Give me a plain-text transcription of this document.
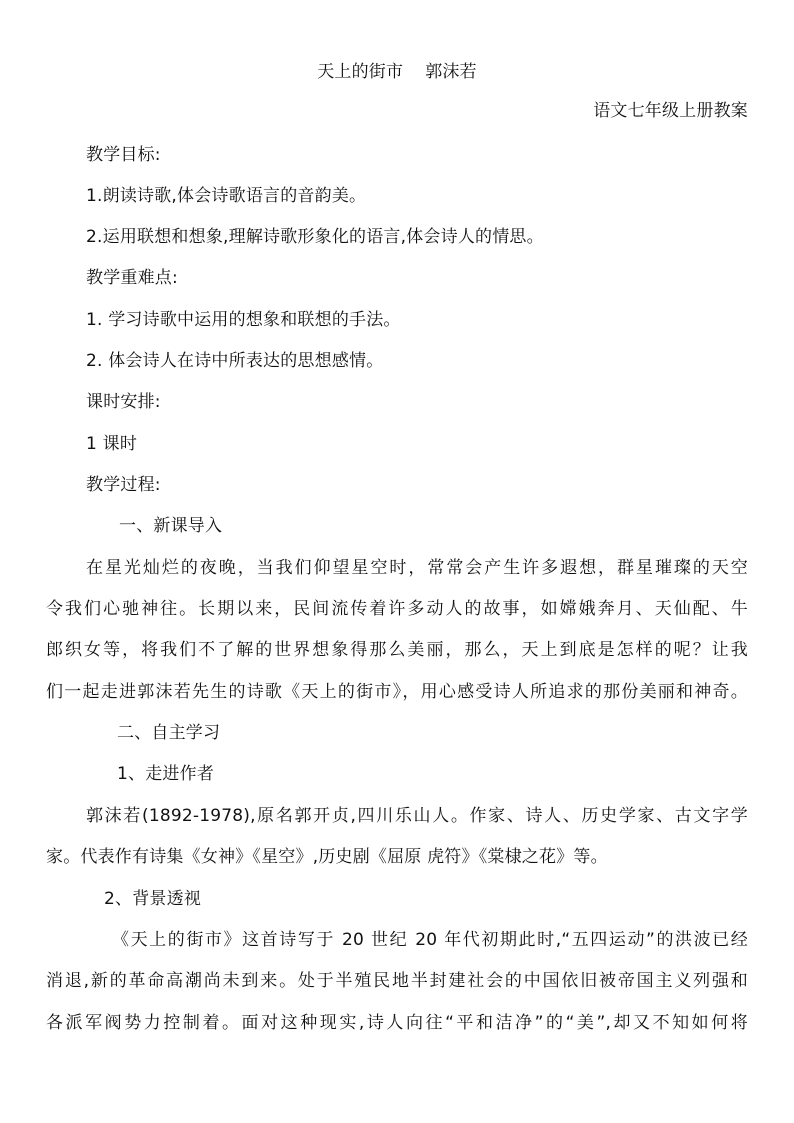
天上的街市 郭沫若
语文七年级上册教案
教学目标:
1.朗读诗歌,体会诗歌语言的音韵美。
2.运用联想和想象,理解诗歌形象化的语言,体会诗人的情思。
教学重难点:
1. 学习诗歌中运用的想象和联想的手法。
2. 体会诗人在诗中所表达的思想感情。
课时安排:
1 课时
教学过程:
一、新课导入
在星光灿烂的夜晚，当我们仰望星空时，常常会产生许多遐想，群星璀璨的天空
令我们心驰神往。长期以来，民间流传着许多动人的故事，如嫦娥奔月、天仙配、牛
郎织女等，将我们不了解的世界想象得那么美丽，那么，天上到底是怎样的呢？让我
们一起走进郭沫若先生的诗歌《天上的街市》，用心感受诗人所追求的那份美丽和神奇。
二、自主学习
1、走进作者
郭沫若(1892-1978),原名郭开贞,四川乐山人。作家、诗人、历史学家、古文字学
家。代表作有诗集《女神》《星空》,历史剧《屈原 虎符》《棠棣之花》等。
2、背景透视
《天上的街市》这首诗写于 20 世纪 20 年代初期此时,“五四运动”的洪波已经
消退,新的革命高潮尚未到来。处于半殖民地半封建社会的中国依旧被帝国主义列强和
各派军阀势力控制着。面对这种现实,诗人向往“平和洁净”的“美”,却又不知如何将
